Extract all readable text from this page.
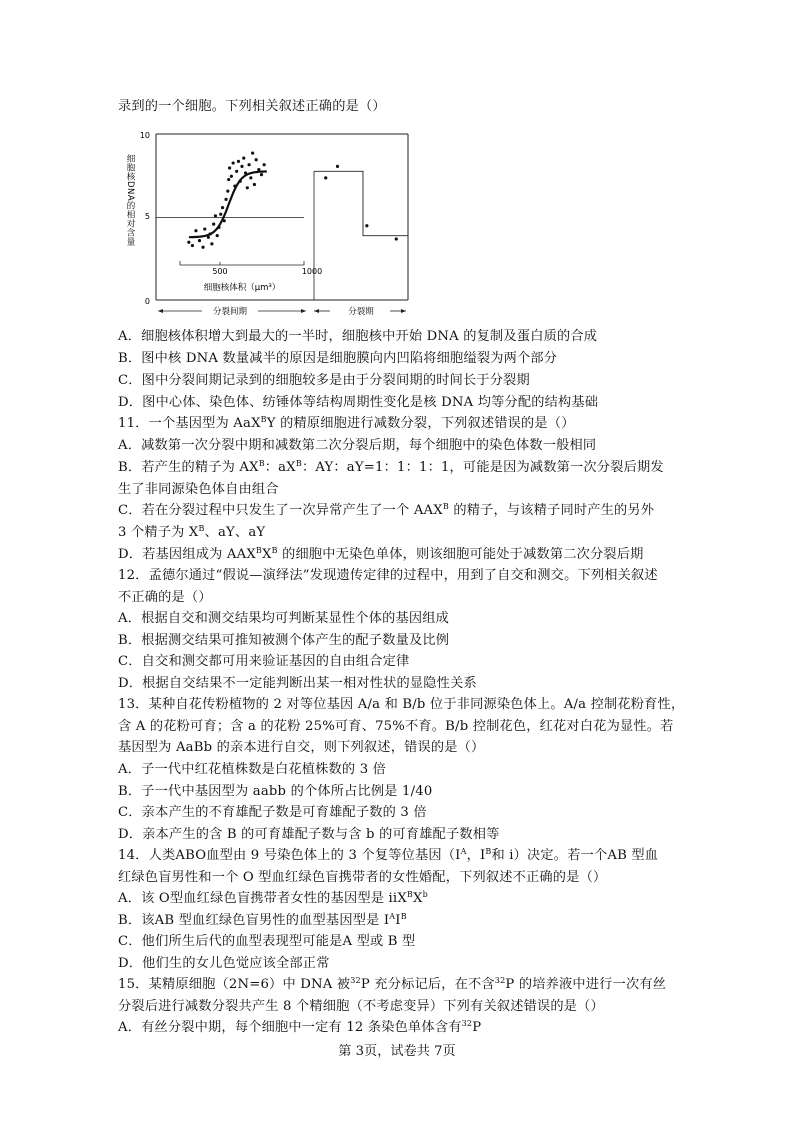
录到的一个细胞。下列相关叙述正确的是（）
10
5
0
细胞核DNA的相对含量
500	1000
细胞核体积（μm³）
分裂间期	分裂期
A．细胞核体积增大到最大的一半时，细胞核中开始 DNA 的复制及蛋白质的合成
B．图中核 DNA 数量减半的原因是细胞膜向内凹陷将细胞缢裂为两个部分
C．图中分裂间期记录到的细胞较多是由于分裂间期的时间长于分裂期
D．图中心体、染色体、纺锤体等结构周期性变化是核 DNA 均等分配的结构基础
11．一个基因型为 AaX$^B$Y 的精原细胞进行减数分裂，下列叙述错误的是（）
A．减数第一次分裂中期和减数第二次分裂后期，每个细胞中的染色体数一般相同
B．若产生的精子为 $AX^B$：$aX^B$：AY：aY=1：1：1：1，可能是因为减数第一次分裂后期发
生了非同源染色体自由组合
C．若在分裂过程中只发生了一次异常产生了一个 $AAX^B$ 的精子，与该精子同时产生的另外
3 个精子为 $X^B$、aY、aY
D．若基因组成为 $AAX^BX^B$ 的细胞中无染色单体，则该细胞可能处于减数第二次分裂后期
12．孟德尔通过“假说—演绎法”发现遗传定律的过程中，用到了自交和测交。下列相关叙述
不正确的是（）
A．根据自交和测交结果均可判断某显性个体的基因组成
B．根据测交结果可推知被测个体产生的配子数量及比例
C．自交和测交都可用来验证基因的自由组合定律
D．根据自交结果不一定能判断出某一相对性状的显隐性关系
13．某种自花传粉植物的 2 对等位基因 A/a 和 B/b 位于非同源染色体上。A/a 控制花粉育性，
含 A 的花粉可育；含 a 的花粉 25%可育、75%不育。B/b 控制花色，红花对白花为显性。若
基因型为 AaBb 的亲本进行自交，则下列叙述，错误的是（）
A．子一代中红花植株数是白花植株数的 3 倍
B．子一代中基因型为 aabb 的个体所占比例是 1/40
C．亲本产生的不育雄配子数是可育雄配子数的 3 倍
D．亲本产生的含 B 的可育雄配子数与含 b 的可育雄配子数相等
14．人类ABO血型由 9 号染色体上的 3 个复等位基因（$I^A$，$I^B$和 i）决定。若一个AB 型血
红绿色盲男性和一个 O 型血红绿色盲携带者的女性婚配，下列叙述不正确的是（）
A．该 O型血红绿色盲携带者女性的基因型是 $iiX^BX^b$
B．该AB 型血红绿色盲男性的血型基因型是 $I^AI^B$
C．他们所生后代的血型表现型可能是A 型或 B 型
D．他们生的女儿色觉应该全部正常
15．某精原细胞（2N=6）中 DNA 被$^{32}$P 充分标记后，在不含$^{32}$P 的培养液中进行一次有丝
分裂后进行减数分裂共产生 8 个精细胞（不考虑变异）下列有关叙述错误的是（）
A．有丝分裂中期，每个细胞中一定有 12 条染色单体含有$^{32}$P
第 3页，试卷共 7页
